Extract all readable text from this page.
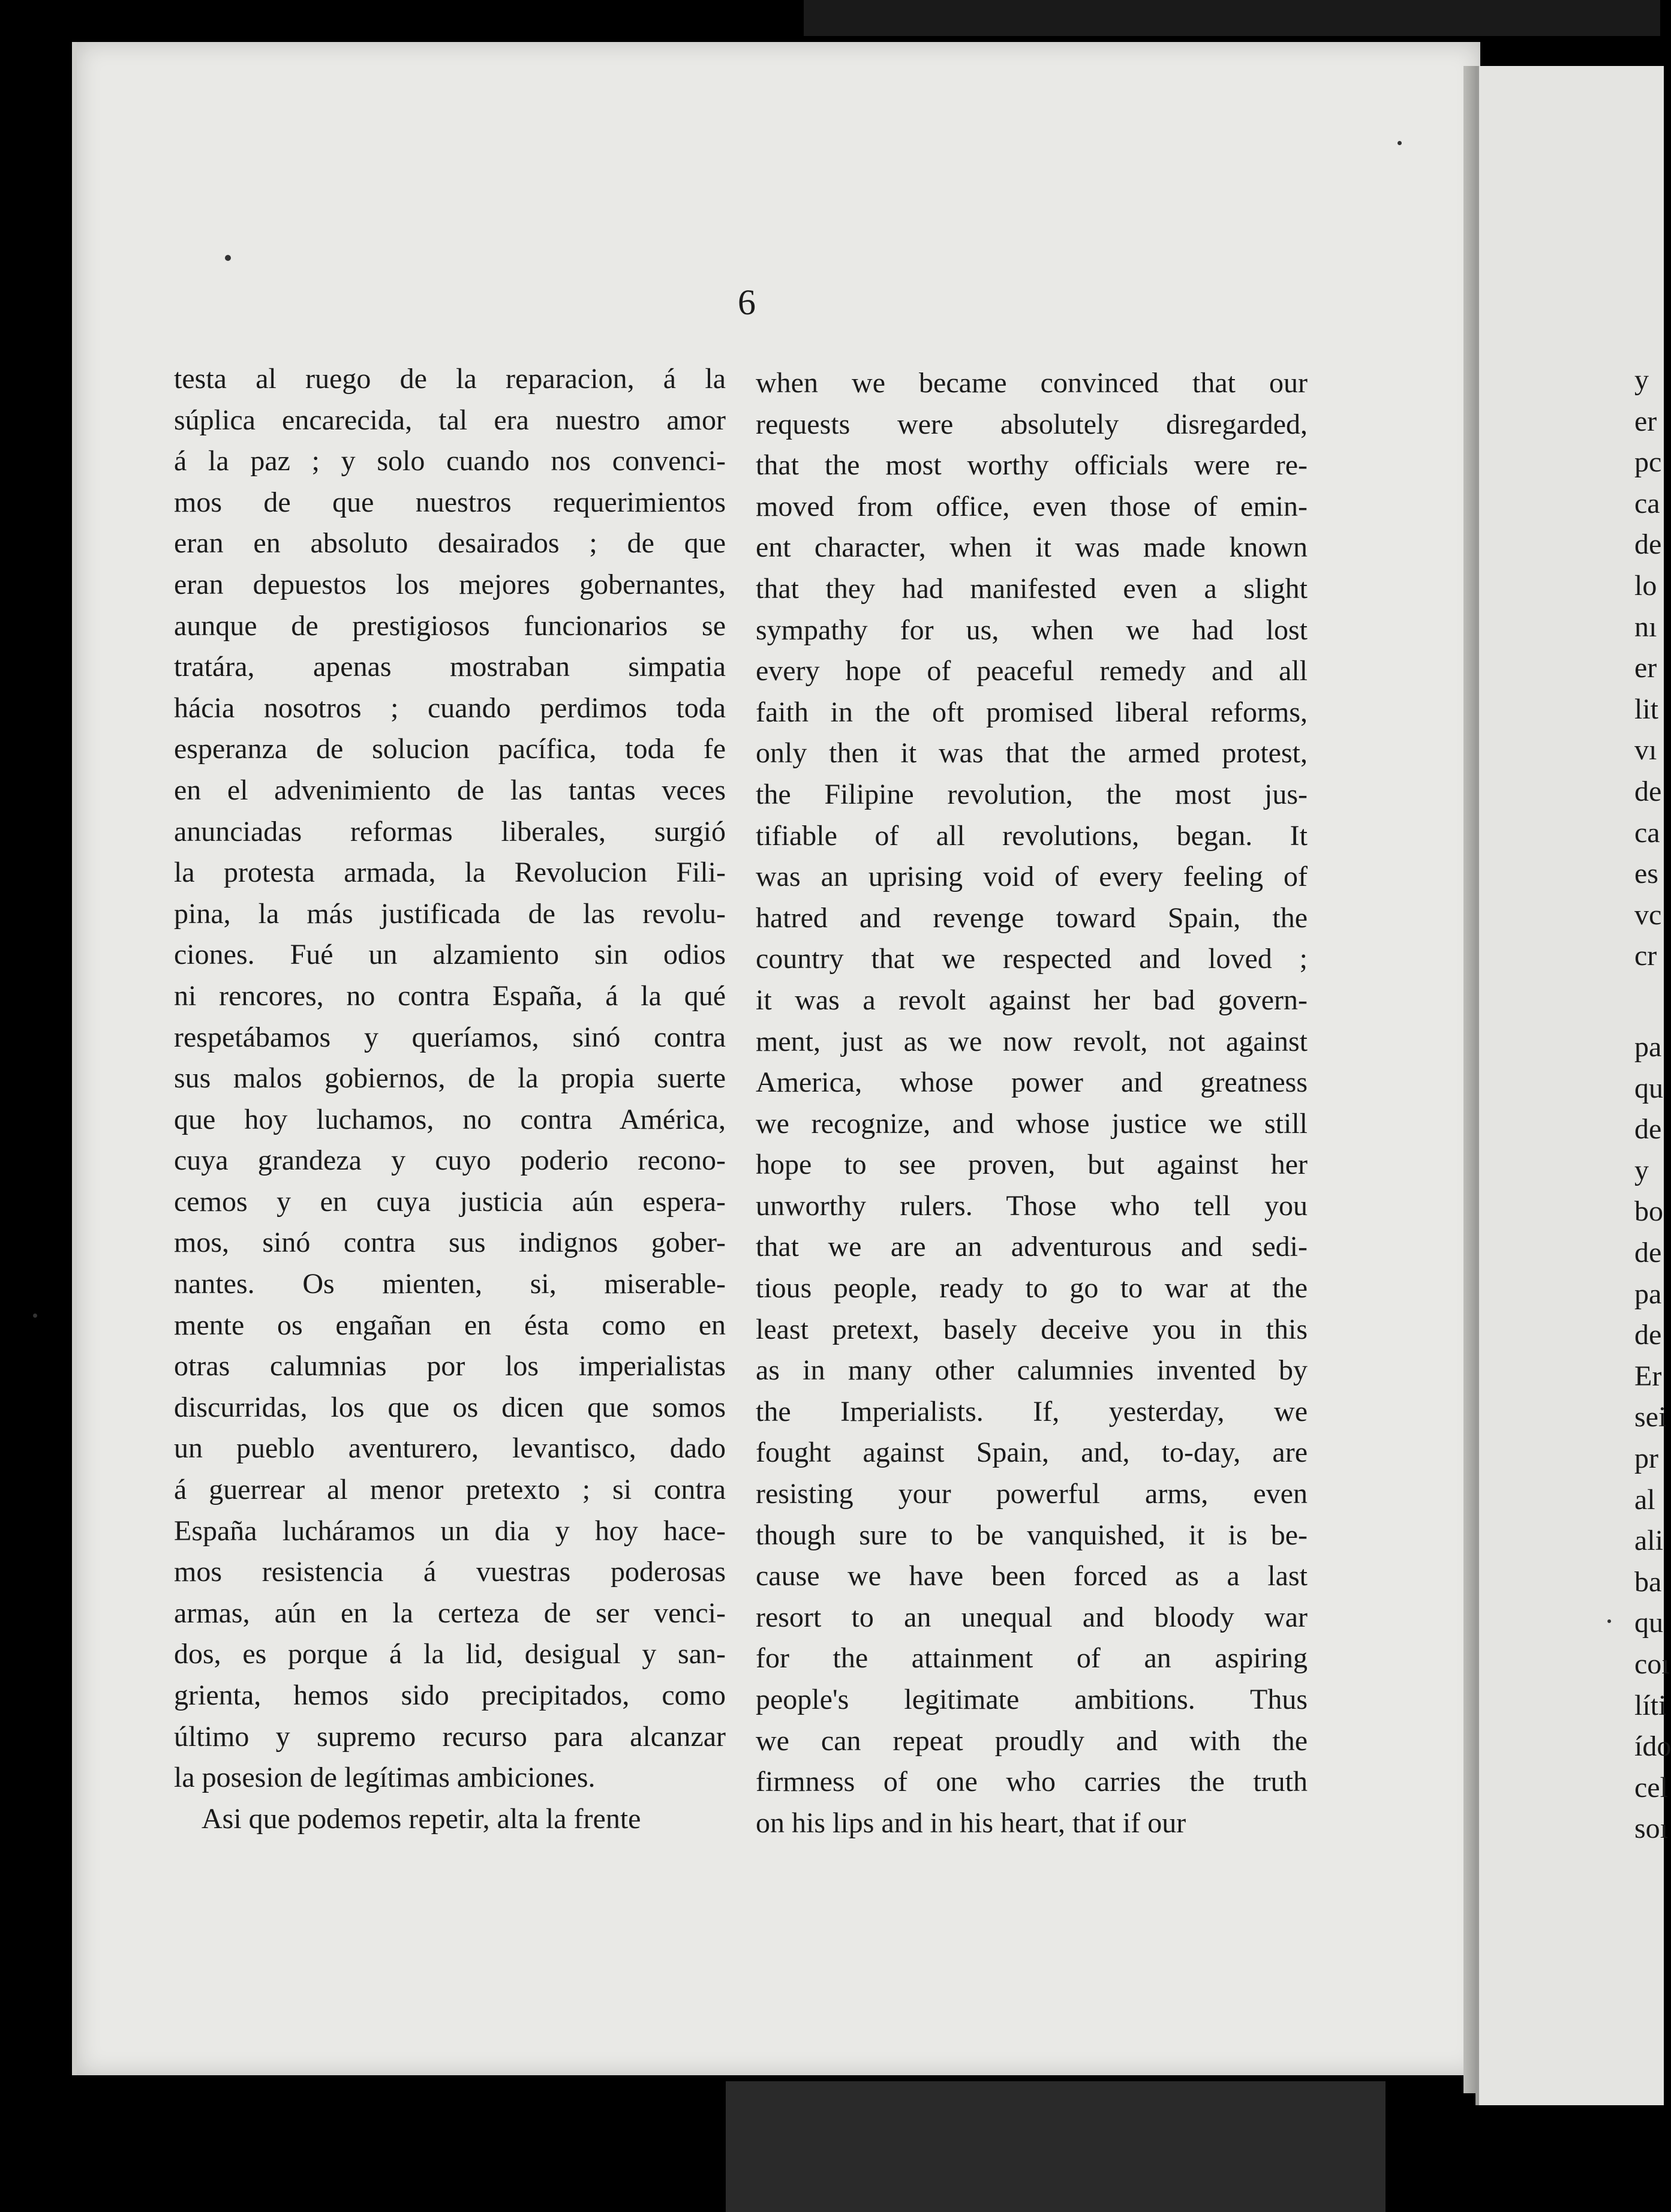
6
testa al ruego de la reparacion, á la
súplica encarecida, tal era nuestro amor
á la paz ; y solo cuando nos convenci-
mos de que nuestros requerimientos
eran en absoluto desairados ; de que
eran depuestos los mejores gobernantes,
aunque de prestigiosos funcionarios se
tratára, apenas mostraban simpatia
hácia nosotros ; cuando perdimos toda
esperanza de solucion pacífica, toda fe
en el advenimiento de las tantas veces
anunciadas reformas liberales, surgió
la protesta armada, la Revolucion Fili-
pina, la más justificada de las revolu-
ciones. Fué un alzamiento sin odios
ni rencores, no contra España, á la qué
respetábamos y queríamos, sinó contra
sus malos gobiernos, de la propia suerte
que hoy luchamos, no contra América,
cuya grandeza y cuyo poderio recono-
cemos y en cuya justicia aún espera-
mos, sinó contra sus indignos gober-
nantes. Os mienten, si, miserable-
mente os engañan en ésta como en
otras calumnias por los imperialistas
discurridas, los que os dicen que somos
un pueblo aventurero, levantisco, dado
á guerrear al menor pretexto ; si contra
España lucháramos un dia y hoy hace-
mos resistencia á vuestras poderosas
armas, aún en la certeza de ser venci-
dos, es porque á la lid, desigual y san-
grienta, hemos sido precipitados, como
último y supremo recurso para alcanzar
la posesion de legítimas ambiciones.
Asi que podemos repetir, alta la frente
when we became convinced that our
requests were absolutely disregarded,
that the most worthy officials were re-
moved from office, even those of emin-
ent character, when it was made known
that they had manifested even a slight
sympathy for us, when we had lost
every hope of peaceful remedy and all
faith in the oft promised liberal reforms,
only then it was that the armed protest,
the Filipine revolution, the most jus-
tifiable of all revolutions, began. It
was an uprising void of every feeling of
hatred and revenge toward Spain, the
country that we respected and loved ;
it was a revolt against her bad govern-
ment, just as we now revolt, not against
America, whose power and greatness
we recognize, and whose justice we still
hope to see proven, but against her
unworthy rulers. Those who tell you
that we are an adventurous and sedi-
tious people, ready to go to war at the
least pretext, basely deceive you in this
as in many other calumnies invented by
the Imperialists. If, yesterday, we
fought against Spain, and, to-day, are
resisting your powerful arms, even
though sure to be vanquished, it is be-
cause we have been forced as a last
resort to an unequal and bloody war
for the attainment of an aspiring
people's legitimate ambitions. Thus
we can repeat proudly and with the
firmness of one who carries the truth
on his lips and in his heart, that if our
y
er
pc
ca
de
lo
nı
er
lit
vı
de
ca
es
vc
cr
pa
qu
de
y
bo
de
pa
de
Er
sei
pr
al
ali
ba
qu
coı
líti
ído
cel
soı
